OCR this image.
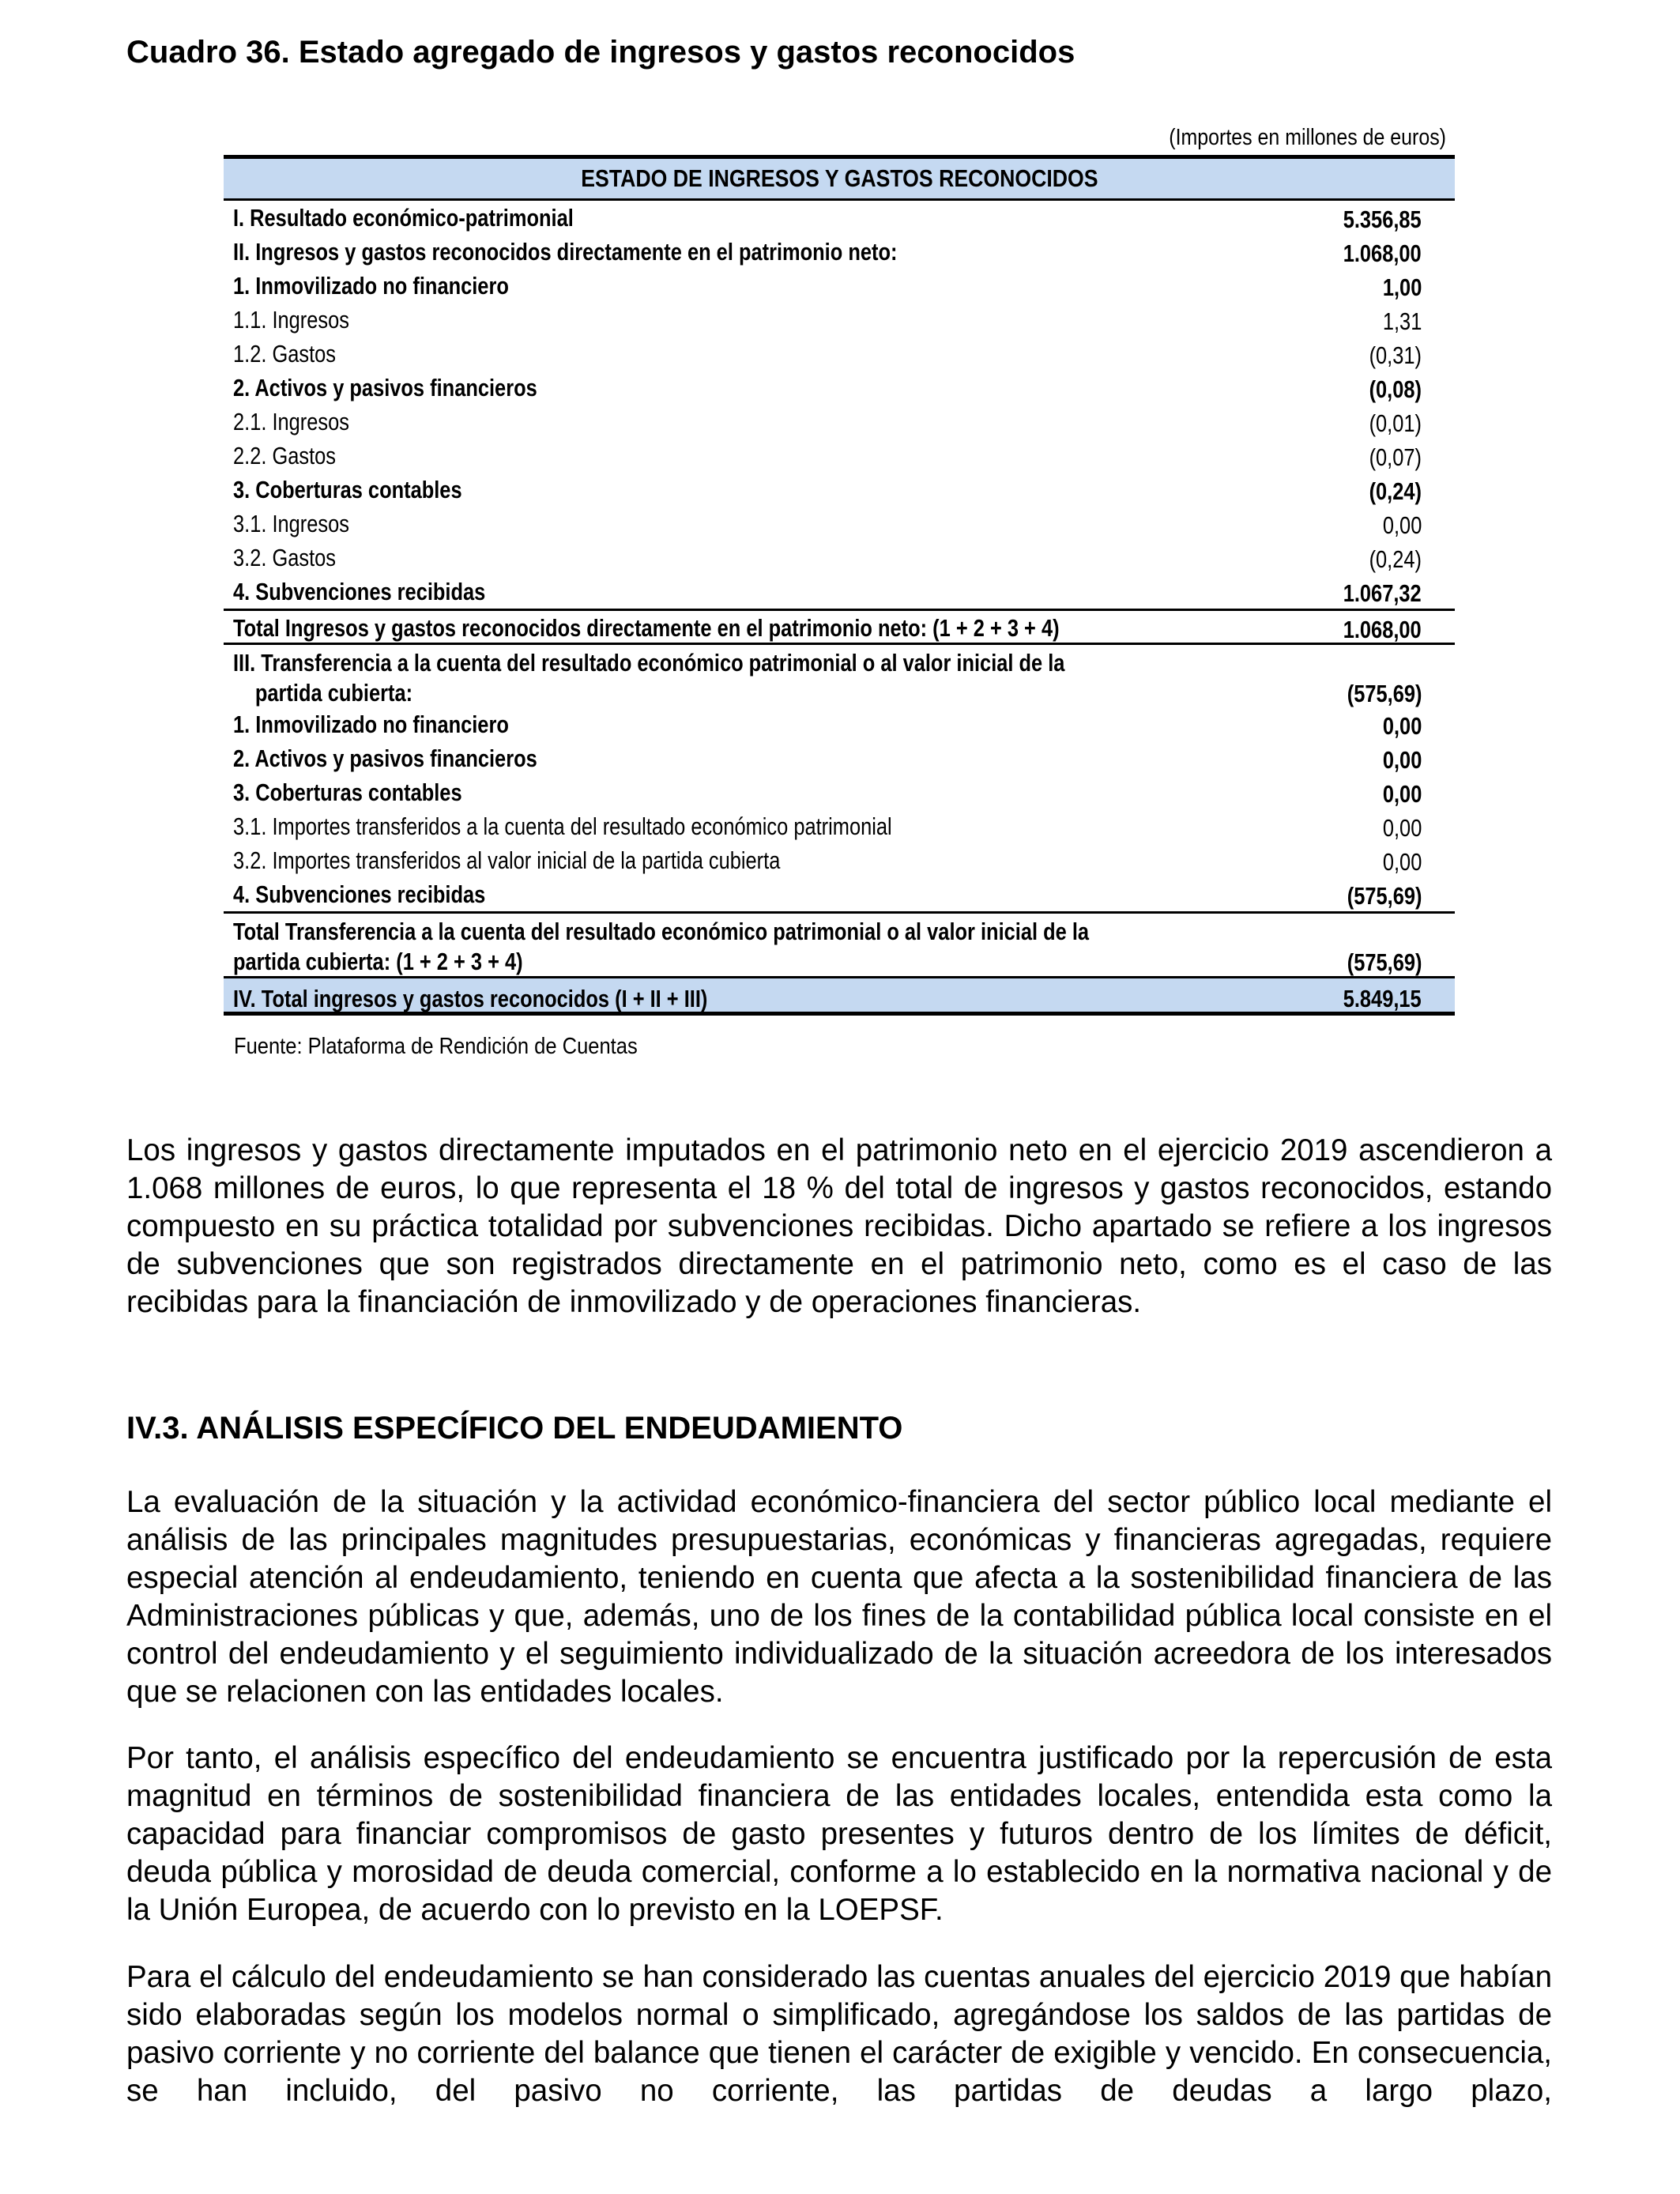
Cuadro 36. Estado agregado de ingresos y gastos reconocidos
(Importes en millones de euros)
ESTADO DE INGRESOS Y GASTOS RECONOCIDOS
I. Resultado económico-patrimonial	5.356,85
II. Ingresos y gastos reconocidos directamente en el patrimonio neto:	1.068,00
1. Inmovilizado no financiero	1,00
1.1. Ingresos	1,31
1.2. Gastos	(0,31)
2. Activos y pasivos financieros	(0,08)
2.1. Ingresos	(0,01)
2.2. Gastos	(0,07)
3. Coberturas contables	(0,24)
3.1. Ingresos	0,00
3.2. Gastos	(0,24)
4. Subvenciones recibidas	1.067,32
Total Ingresos y gastos reconocidos directamente en el patrimonio neto: (1 + 2 + 3 + 4)	1.068,00
III. Transferencia a la cuenta del resultado económico patrimonial o al valor inicial de la
partida cubierta:	(575,69)
1. Inmovilizado no financiero	0,00
2. Activos y pasivos financieros	0,00
3. Coberturas contables	0,00
3.1. Importes transferidos a la cuenta del resultado económico patrimonial	0,00
3.2. Importes transferidos al valor inicial de la partida cubierta	0,00
4. Subvenciones recibidas	(575,69)
Total Transferencia a la cuenta del resultado económico patrimonial o al valor inicial de la
partida cubierta: (1 + 2 + 3 + 4)	(575,69)
IV. Total ingresos y gastos reconocidos (I + II + III)	5.849,15
Fuente: Plataforma de Rendición de Cuentas
Los ingresos y gastos directamente imputados en el patrimonio neto en el ejercicio 2019 ascendieron a 1.068 millones de euros, lo que representa el 18 % del total de ingresos y gastos reconocidos, estando compuesto en su práctica totalidad por subvenciones recibidas. Dicho apartado se refiere a los ingresos de subvenciones que son registrados directamente en el patrimonio neto, como es el caso de las recibidas para la financiación de inmovilizado y de operaciones financieras.
IV.3. ANÁLISIS ESPECÍFICO DEL ENDEUDAMIENTO
La evaluación de la situación y la actividad económico-financiera del sector público local mediante el análisis de las principales magnitudes presupuestarias, económicas y financieras agregadas, requiere especial atención al endeudamiento, teniendo en cuenta que afecta a la sostenibilidad financiera de las Administraciones públicas y que, además, uno de los fines de la contabilidad pública local consiste en el control del endeudamiento y el seguimiento individualizado de la situación acreedora de los interesados que se relacionen con las entidades locales.
Por tanto, el análisis específico del endeudamiento se encuentra justificado por la repercusión de esta magnitud en términos de sostenibilidad financiera de las entidades locales, entendida esta como la capacidad para financiar compromisos de gasto presentes y futuros dentro de los límites de déficit, deuda pública y morosidad de deuda comercial, conforme a lo establecido en la normativa nacional y de la Unión Europea, de acuerdo con lo previsto en la LOEPSF.
Para el cálculo del endeudamiento se han considerado las cuentas anuales del ejercicio 2019 que habían sido elaboradas según los modelos normal o simplificado, agregándose los saldos de las partidas de pasivo corriente y no corriente del balance que tienen el carácter de exigible y vencido. En consecuencia, se han incluido, del pasivo no corriente, las partidas de deudas a largo plazo,
